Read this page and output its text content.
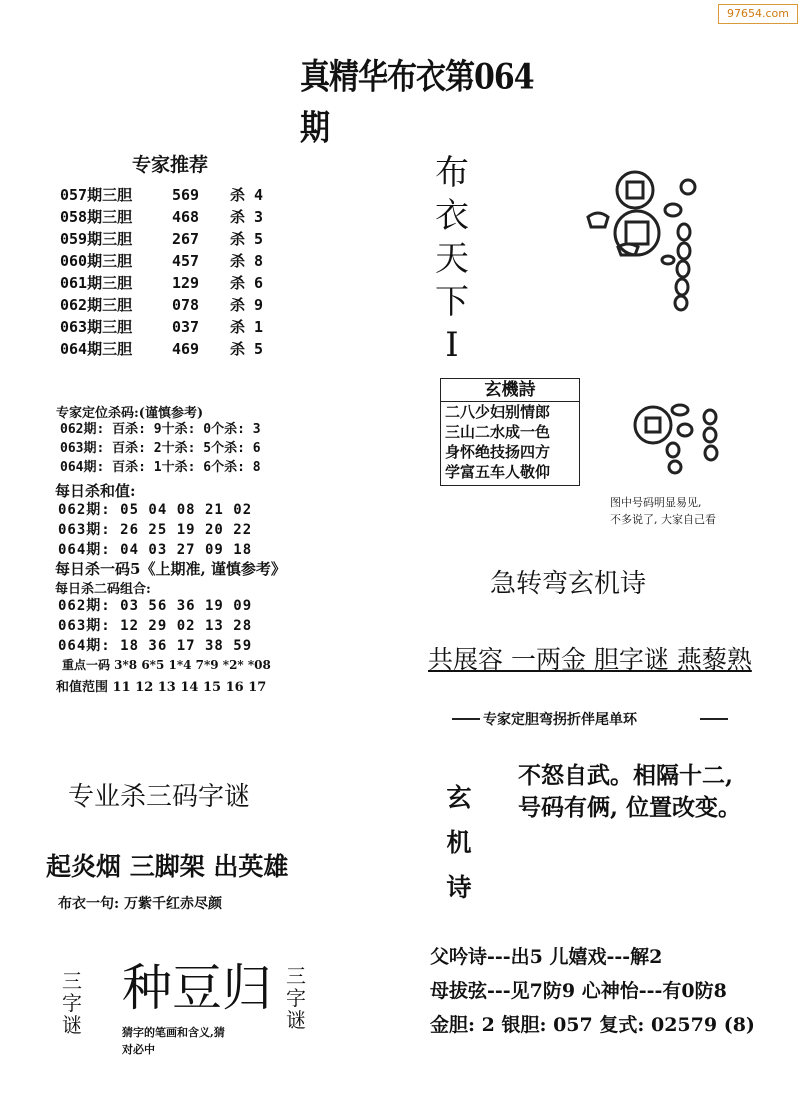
97654.com
真精华布衣第064期
专家推荐
057期三胆	569 杀 4
058期三胆	468 杀 3
059期三胆	267 杀 5
060期三胆	457 杀 8
061期三胆	129 杀 6
062期三胆	078 杀 9
063期三胆	037 杀 1
064期三胆	469 杀 5
专家定位杀码:(谨慎参考)
062期: 百杀: 9十杀: 0个杀: 3
063期: 百杀: 2十杀: 5个杀: 6
064期: 百杀: 1十杀: 6个杀: 8
每日杀和值:
062期: 05 04 08 21 02
063期: 26 25 19 20 22
064期: 04 03 27 09 18
每日杀一码5《上期准, 谨慎参考》
每日杀二码组合:
062期: 03 56 36 19 09
063期: 12 29 02 13 28
064期: 18 36 17 38 59
重点一码 3*8 6*5 1*4 7*9 *2* *08
和值范围 11 12 13 14 15 16 17
布
衣
天
下
I
玄機詩
二八少妇别情郎
三山二水成一色
身怀绝技扬四方
学富五车人敬仰
图中号码明显易见,
不多说了, 大家自己看
急转弯玄机诗
共展容 一两金 胆字谜 燕藜熟
专家定胆弯拐折伴尾单环
玄
机
诗
不怒自武。相隔十二,
号码有俩, 位置改变。
专业杀三码字谜
起炎烟 三脚架 出英雄
布衣一句: 万紫千红赤尽颜
三
字
谜
种豆归
猜字的笔画和含义,猜
对必中
三
字
谜
父吟诗---出5 儿嬉戏---解2
母拔弦---见7防9 心神怡---有0防8
金胆: 2 银胆: 057 复式: 02579 (8)
